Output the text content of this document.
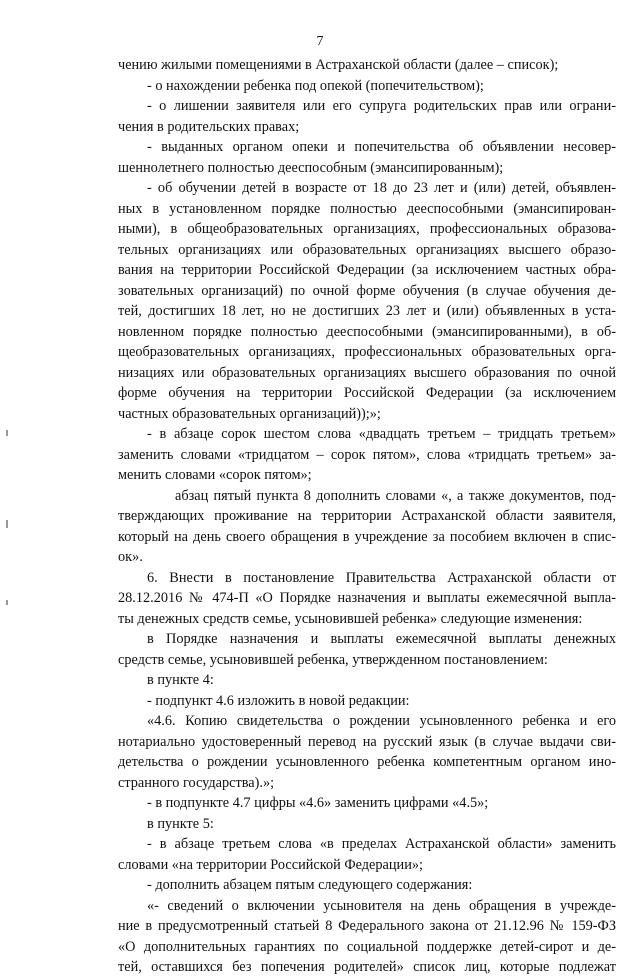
7
чению жилыми помещениями в Астраханской области (далее – список);
- о нахождении ребенка под опекой (попечительством);
- о лишении заявителя или его супруга родительских прав или ограни-
чения в родительских правах;
- выданных органом опеки и попечительства об объявлении несовер-
шеннолетнего полностью дееспособным (эмансипированным);
- об обучении детей в возрасте от 18 до 23 лет и (или) детей, объявлен-
ных в установленном порядке полностью дееспособными (эмансипирован-
ными), в общеобразовательных организациях, профессиональных образова-
тельных организациях или образовательных организациях высшего образо-
вания на территории Российской Федерации (за исключением частных обра-
зовательных организаций) по очной форме обучения (в случае обучения де-
тей, достигших 18 лет, но не достигших 23 лет и (или) объявленных в уста-
новленном порядке полностью дееспособными (эмансипированными), в об-
щеобразовательных организациях, профессиональных образовательных орга-
низациях или образовательных организациях высшего образования по очной
форме обучения на территории Российской Федерации (за исключением
частных образовательных организаций));»;
- в абзаце сорок шестом слова «двадцать третьем – тридцать третьем»
заменить словами «тридцатом – сорок пятом», слова «тридцать третьем» за-
менить словами «сорок пятом»;
абзац пятый пункта 8 дополнить словами «, а также документов, под-
тверждающих проживание на территории Астраханской области заявителя,
который на день своего обращения в учреждение за пособием включен в спис-
ок».
6. Внести в постановление Правительства Астраханской области от
28.12.2016 № 474-П «О Порядке назначения и выплаты ежемесячной выпла-
ты денежных средств семье, усыновившей ребенка» следующие изменения:
в Порядке назначения и выплаты ежемесячной выплаты денежных
средств семье, усыновившей ребенка, утвержденном постановлением:
в пункте 4:
- подпункт 4.6 изложить в новой редакции:
«4.6. Копию свидетельства о рождении усыновленного ребенка и его
нотариально удостоверенный перевод на русский язык (в случае выдачи сви-
детельства о рождении усыновленного ребенка компетентным органом ино-
странного государства).»;
- в подпункте 4.7 цифры «4.6» заменить цифрами «4.5»;
в пункте 5:
- в абзаце третьем слова «в пределах Астраханской области» заменить
словами «на территории Российской Федерации»;
- дополнить абзацем пятым следующего содержания:
«- сведений о включении усыновителя на день обращения в учрежде-
ние в предусмотренный статьей 8 Федерального закона от 21.12.96 № 159-ФЗ
«О дополнительных гарантиях по социальной поддержке детей-сирот и де-
тей, оставшихся без попечения родителей» список лиц, которые подлежат
